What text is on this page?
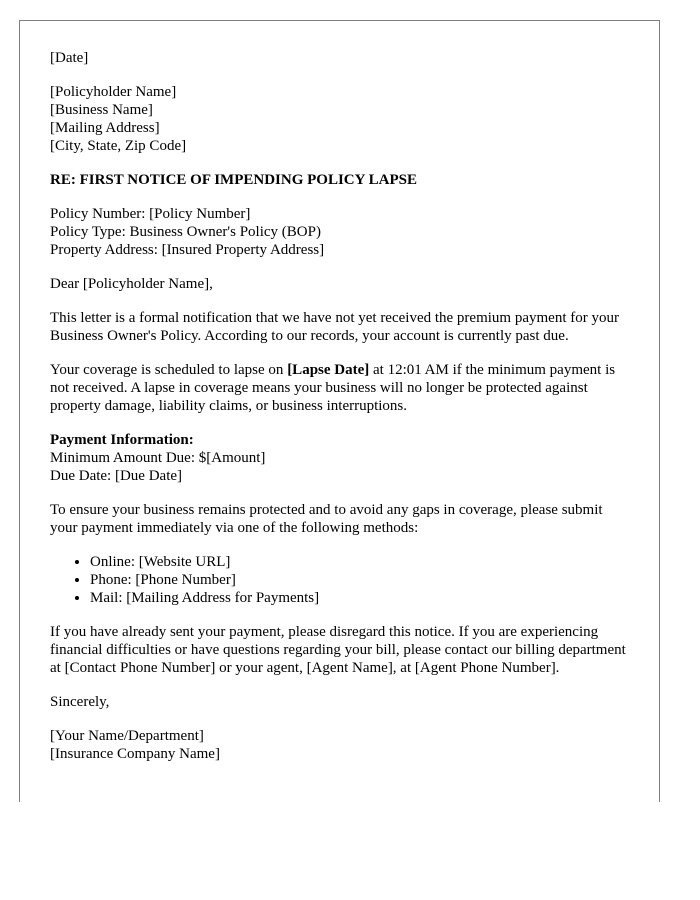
[Date]

[Policyholder Name]
[Business Name]
[Mailing Address]
[City, State, Zip Code]

RE: FIRST NOTICE OF IMPENDING POLICY LAPSE

Policy Number: [Policy Number]
Policy Type: Business Owner's Policy (BOP)
Property Address: [Insured Property Address]

Dear [Policyholder Name],

This letter is a formal notification that we have not yet received the premium payment for your Business Owner's Policy. According to our records, your account is currently past due.

Your coverage is scheduled to lapse on [Lapse Date] at 12:01 AM if the minimum payment is not received. A lapse in coverage means your business will no longer be protected against property damage, liability claims, or business interruptions.

Payment Information:
Minimum Amount Due: $[Amount]
Due Date: [Due Date]

To ensure your business remains protected and to avoid any gaps in coverage, please submit your payment immediately via one of the following methods:

• Online: [Website URL]
• Phone: [Phone Number]
• Mail: [Mailing Address for Payments]

If you have already sent your payment, please disregard this notice. If you are experiencing financial difficulties or have questions regarding your bill, please contact our billing department at [Contact Phone Number] or your agent, [Agent Name], at [Agent Phone Number].

Sincerely,

[Your Name/Department]
[Insurance Company Name]
